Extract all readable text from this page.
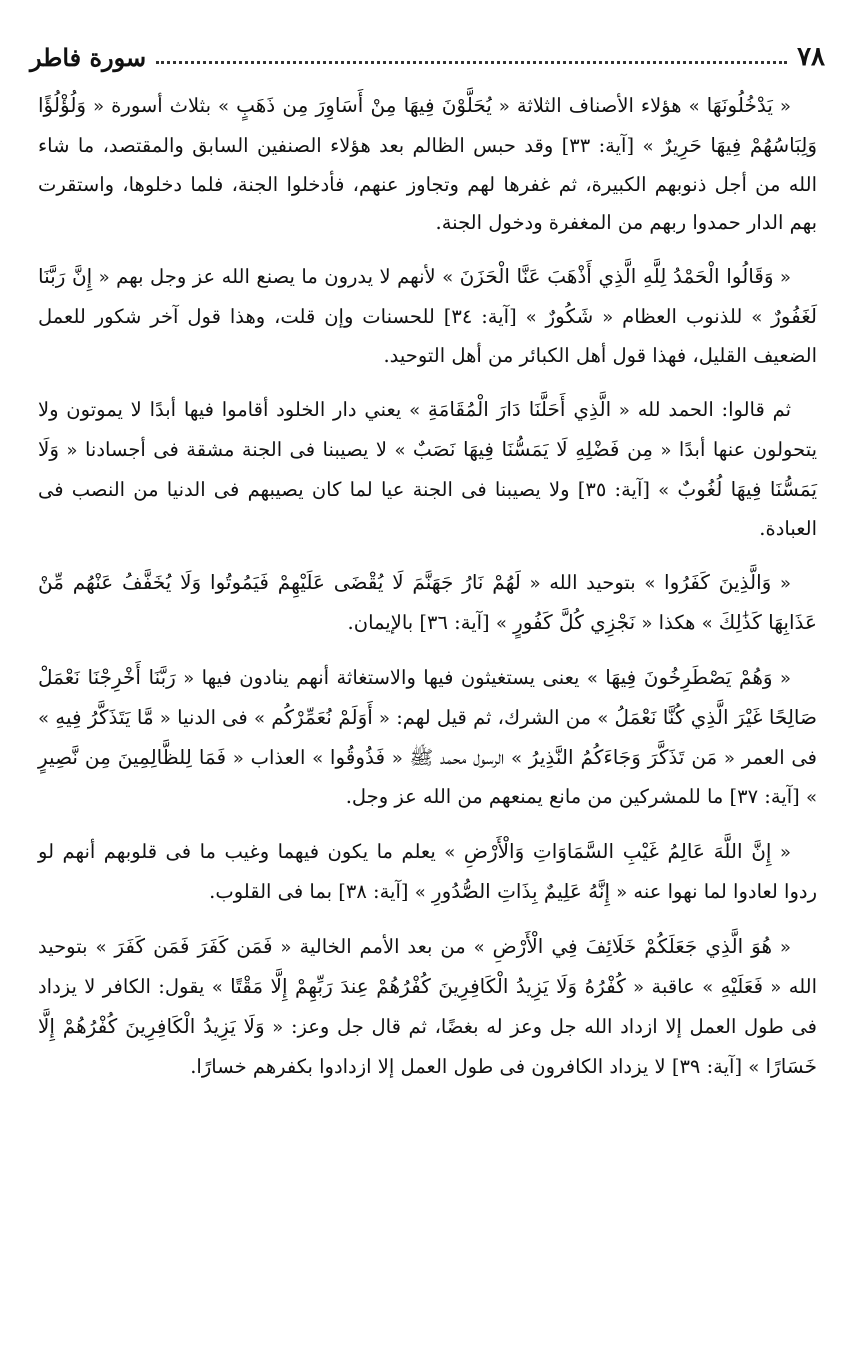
٧٨
سورة فاطر

« يَدْخُلُونَهَا » هؤلاء الأصناف الثلاثة « يُحَلَّوْنَ فِيهَا مِنْ أَسَاوِرَ مِن ذَهَبٍ » بثلاث أسورة « وَلُؤْلُؤًا وَلِبَاسُهُمْ فِيهَا حَرِيرٌ » [آية: ٣٣] وقد حبس الظالم بعد هؤلاء الصنفين السابق والمقتصد، ما شاء الله من أجل ذنوبهم الكبيرة، ثم غفرها لهم وتجاوز عنهم، فأدخلوا الجنة، فلما دخلوها، واستقرت بهم الدار حمدوا ربهم من المغفرة ودخول الجنة.

« وَقَالُوا الْحَمْدُ لِلَّهِ الَّذِي أَذْهَبَ عَنَّا الْحَزَنَ » لأنهم لا يدرون ما يصنع الله عز وجل بهم « إِنَّ رَبَّنَا لَغَفُورٌ » للذنوب العظام « شَكُورٌ » [آية: ٣٤] للحسنات وإن قلت، وهذا قول آخر شكور للعمل الضعيف القليل، فهذا قول أهل الكبائر من أهل التوحيد.

ثم قالوا: الحمد لله « الَّذِي أَحَلَّنَا دَارَ الْمُقَامَةِ » يعني دار الخلود أقاموا فيها أبدًا لا يموتون ولا يتحولون عنها أبدًا « مِن فَضْلِهِ لَا يَمَسُّنَا فِيهَا نَصَبٌ » لا يصيبنا فى الجنة مشقة فى أجسادنا « وَلَا يَمَسُّنَا فِيهَا لُغُوبٌ » [آية: ٣٥] ولا يصيبنا فى الجنة عيا لما كان يصيبهم فى الدنيا من النصب فى العبادة.

« وَالَّذِينَ كَفَرُوا » بتوحيد الله « لَهُمْ نَارُ جَهَنَّمَ لَا يُقْضَى عَلَيْهِمْ فَيَمُوتُوا وَلَا يُخَفَّفُ عَنْهُم مِّنْ عَذَابِهَا كَذَٰلِكَ » هكذا « نَجْزِي كُلَّ كَفُورٍ » [آية: ٣٦] بالإيمان.

« وَهُمْ يَصْطَرِخُونَ فِيهَا » يعنى يستغيثون فيها والاستغاثة أنهم ينادون فيها « رَبَّنَا أَخْرِجْنَا نَعْمَلْ صَالِحًا غَيْرَ الَّذِي كُنَّا نَعْمَلُ » من الشرك، ثم قيل لهم: « أَوَلَمْ نُعَمِّرْكُم » فى الدنيا « مَّا يَتَذَكَّرُ فِيهِ » فى العمر « مَن تَذَكَّرَ وَجَاءَكُمُ النَّذِيرُ » الرسول محمد ﷺ « فَذُوقُوا » العذاب « فَمَا لِلظَّالِمِينَ مِن نَّصِيرٍ » [آية: ٣٧] ما للمشركين من مانع يمنعهم من الله عز وجل.

« إِنَّ اللَّهَ عَالِمُ غَيْبِ السَّمَاوَاتِ وَالْأَرْضِ » يعلم ما يكون فيهما وغيب ما فى قلوبهم أنهم لو ردوا لعادوا لما نهوا عنه « إِنَّهُ عَلِيمٌ بِذَاتِ الصُّدُورِ » [آية: ٣٨] بما فى القلوب.

« هُوَ الَّذِي جَعَلَكُمْ خَلَائِفَ فِي الْأَرْضِ » من بعد الأمم الخالية « فَمَن كَفَرَ فَمَن كَفَرَ » بتوحيد الله « فَعَلَيْهِ » عاقبة « كُفْرُهُ وَلَا يَزِيدُ الْكَافِرِينَ كُفْرُهُمْ عِندَ رَبِّهِمْ إِلَّا مَقْتًا » يقول: الكافر لا يزداد فى طول العمل إلا ازداد الله جل وعز له بغضًا، ثم قال جل وعز: « وَلَا يَزِيدُ الْكَافِرِينَ كُفْرُهُمْ إِلَّا خَسَارًا » [آية: ٣٩] لا يزداد الكافرون فى طول العمل إلا ازدادوا بكفرهم خسارًا.
